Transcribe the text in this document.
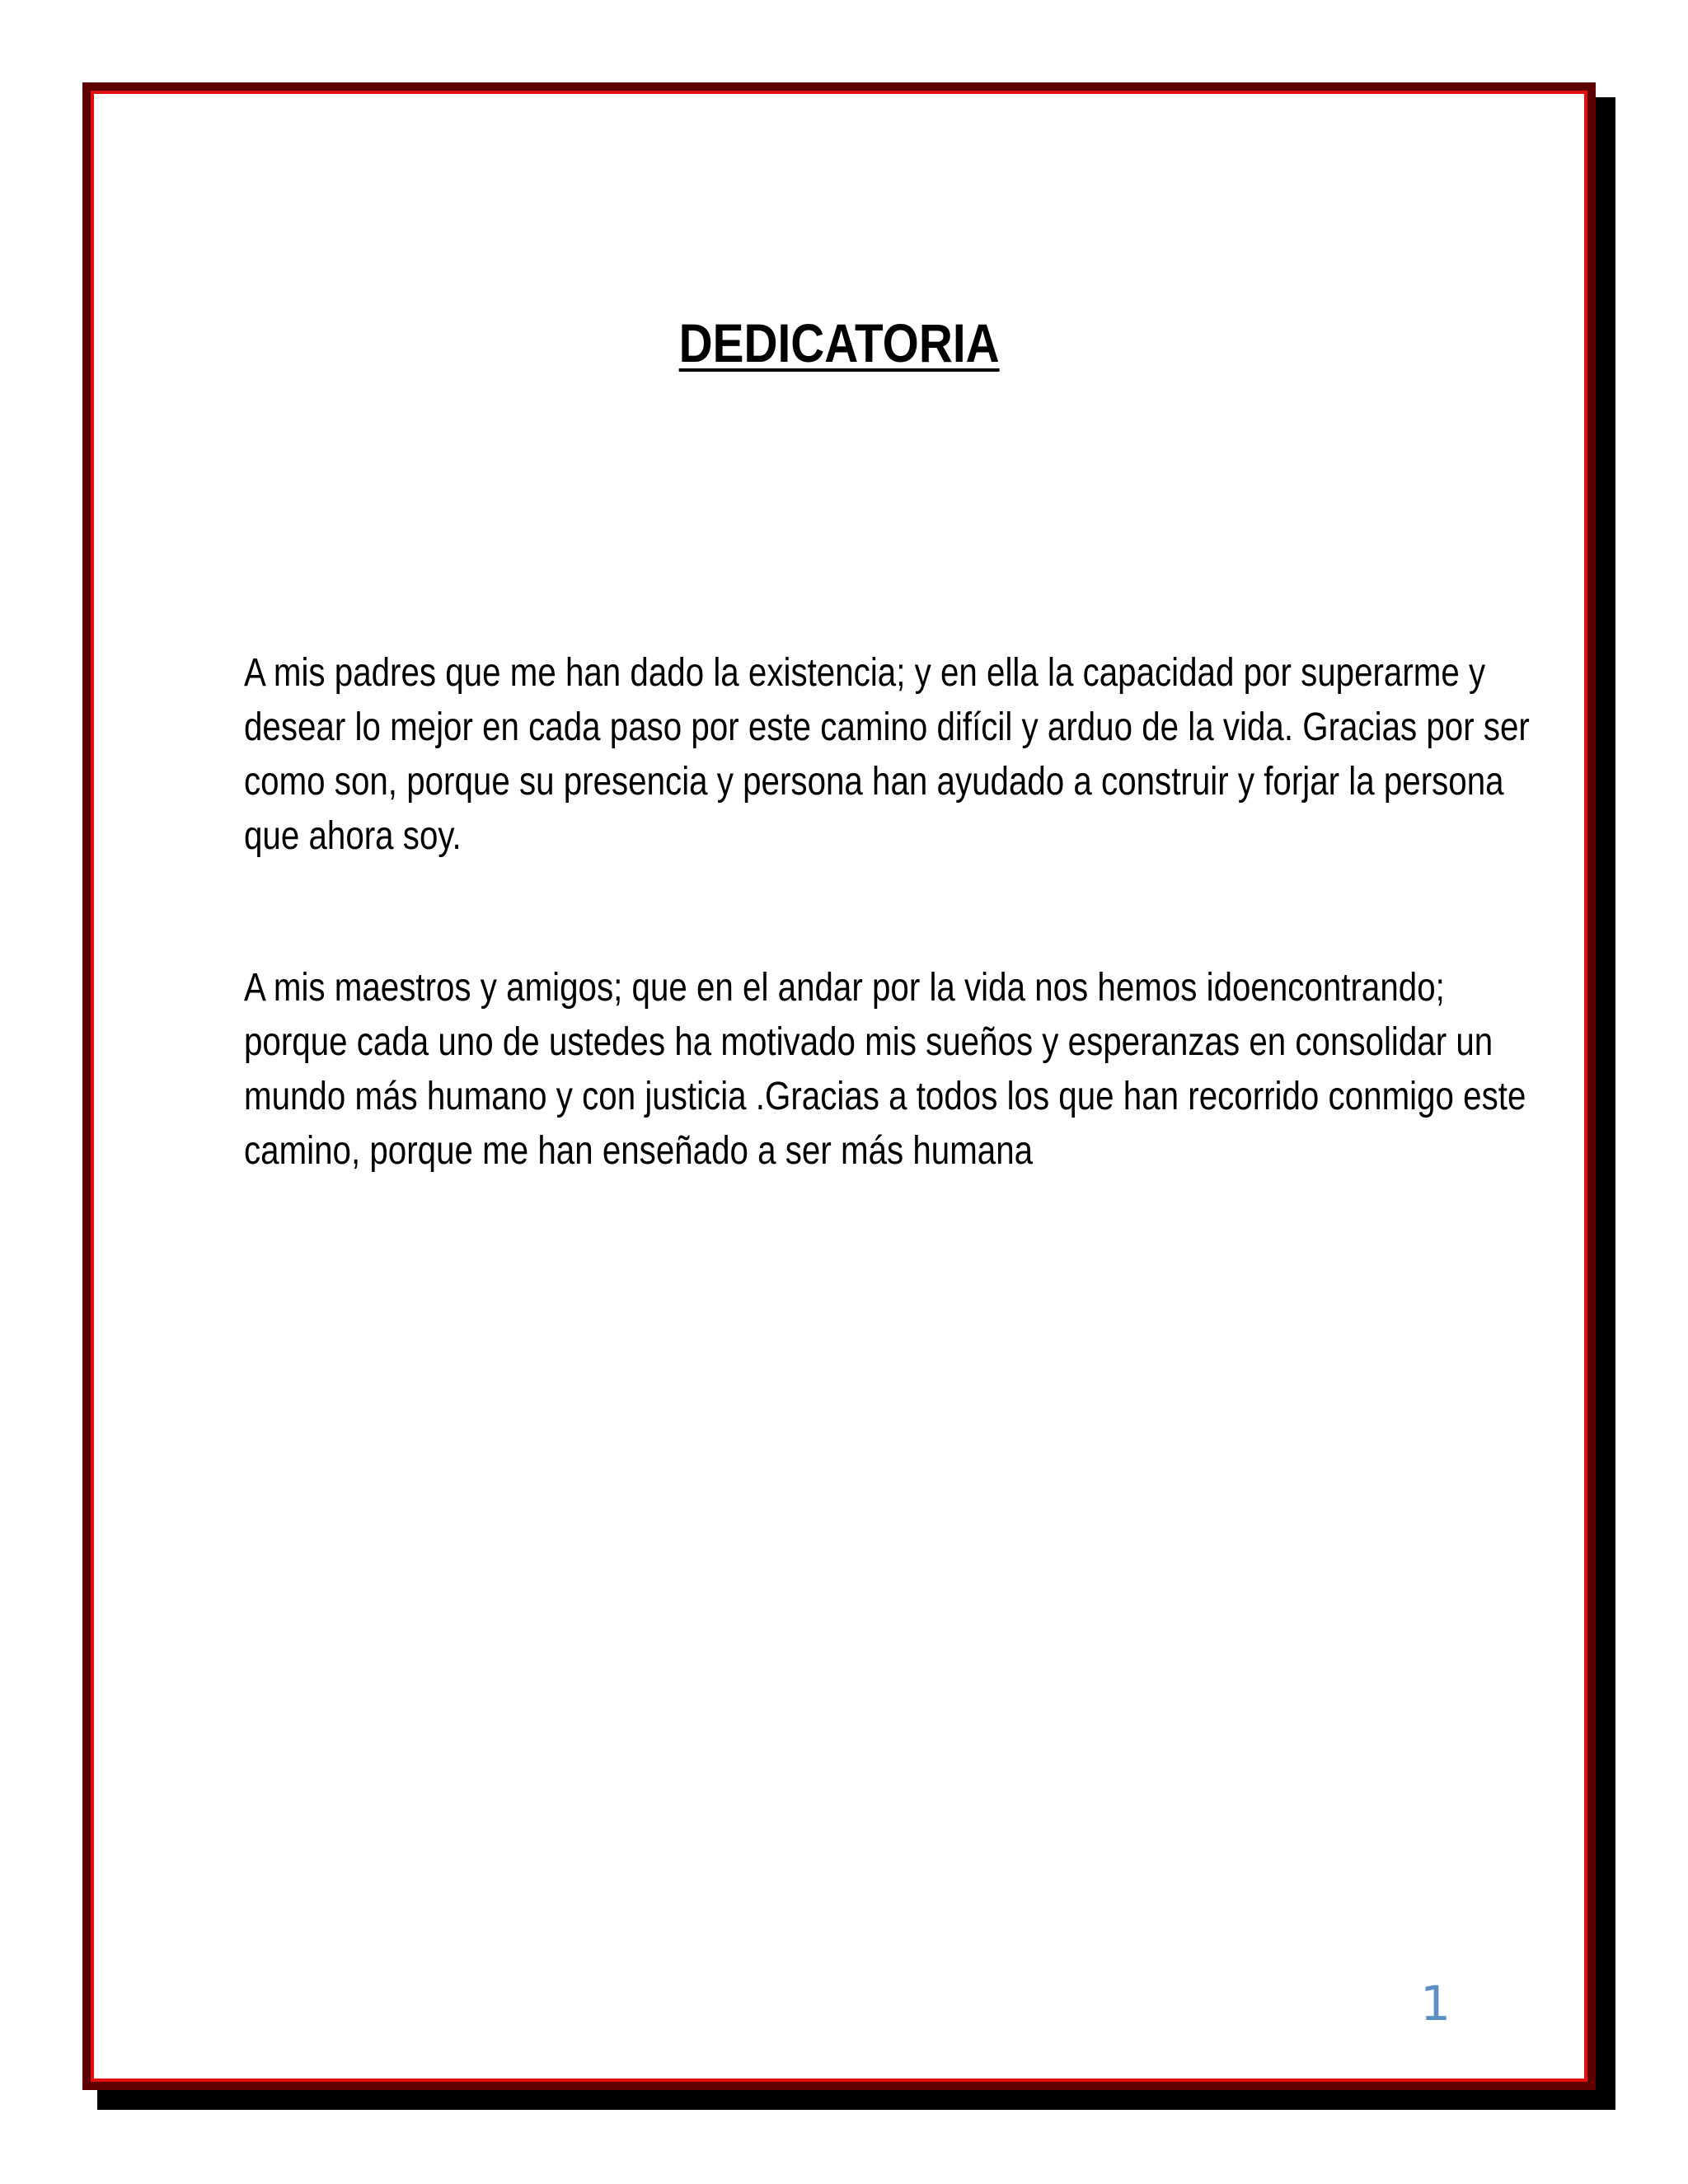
DEDICATORIA

A mis padres que me han dado la existencia; y en ella la capacidad por superarme y desear lo mejor en cada paso por este camino difícil y arduo de la vida. Gracias por ser como son, porque su presencia y persona han ayudado a construir y forjar la persona que ahora soy.

A mis maestros y amigos; que en el andar por la vida nos hemos idoencontrando; porque cada uno de ustedes ha motivado mis sueños y esperanzas en consolidar un mundo más humano y con justicia .Gracias a todos los que han recorrido conmigo este camino, porque me han enseñado a ser más humana

1
